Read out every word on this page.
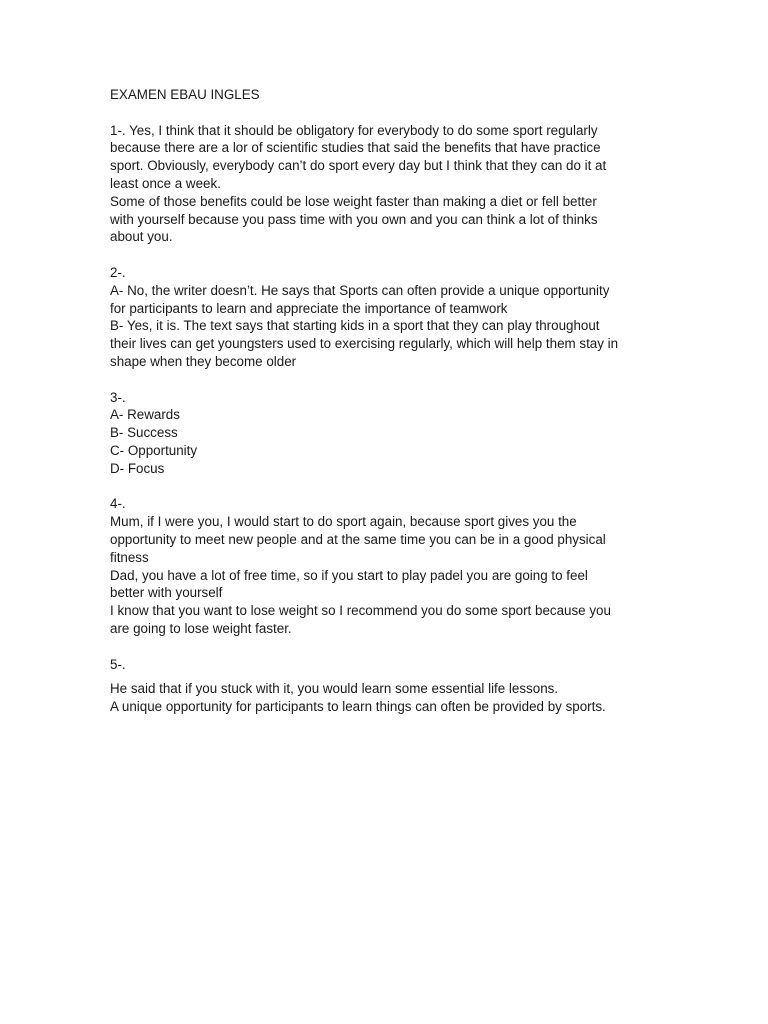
EXAMEN EBAU INGLES

1-. Yes, I think that it should be obligatory for everybody to do some sport regularly

because there are a lor of scientific studies that said the benefits that have practice

sport. Obviously, everybody can’t do sport every day but I think that they can do it at

least once a week.

Some of those benefits could be lose weight faster than making a diet or fell better

with yourself because you pass time with you own and you can think a lot of thinks

about you.

2-.

A- No, the writer doesn’t. He says that Sports can often provide a unique opportunity

for participants to learn and appreciate the importance of teamwork

B- Yes, it is. The text says that starting kids in a sport that they can play throughout

their lives can get youngsters used to exercising regularly, which will help them stay in

shape when they become older

3-.

A- Rewards

B- Success

C- Opportunity

D- Focus

4-.

Mum, if I were you, I would start to do sport again, because sport gives you the

opportunity to meet new people and at the same time you can be in a good physical

fitness

Dad, you have a lot of free time, so if you start to play padel you are going to feel

better with yourself

I know that you want to lose weight so I recommend you do some sport because you

are going to lose weight faster.

5-.

He said that if you stuck with it, you would learn some essential life lessons.

A unique opportunity for participants to learn things can often be provided by sports.
